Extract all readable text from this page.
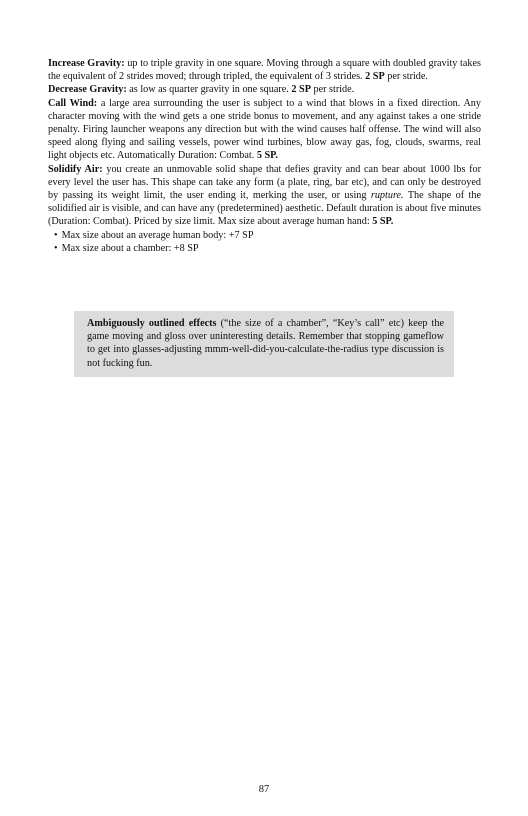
Increase Gravity: up to triple gravity in one square. Moving through a square with doubled gravity takes the equivalent of 2 strides moved; through tripled, the equivalent of 3 strides. 2 SP per stride.

Decrease Gravity: as low as quarter gravity in one square. 2 SP per stride.

Call Wind: a large area surrounding the user is subject to a wind that blows in a fixed direction. Any character moving with the wind gets a one stride bonus to movement, and any against takes a one stride penalty. Firing launcher weapons any direction but with the wind causes half offense. The wind will also speed along flying and sailing vessels, power wind turbines, blow away gas, fog, clouds, swarms, real light objects etc. Automatically Duration: Combat. 5 SP.

Solidify Air: you create an unmovable solid shape that defies gravity and can bear about 1000 lbs for every level the user has. This shape can take any form (a plate, ring, bar etc), and can only be destroyed by passing its weight limit, the user ending it, merking the user, or using rupture. The shape of the solidified air is visible, and can have any (predetermined) aesthetic. Default duration is about five minutes (Duration: Combat). Priced by size limit. Max size about average human hand: 5 SP.

• Max size about an average human body: +7 SP
• Max size about a chamber: +8 SP
Ambiguously outlined effects (“the size of a chamber”, “Key’s call” etc) keep the game moving and gloss over uninteresting details. Remember that stopping gameflow to get into glasses-adjusting mmm-well-did-you-calculate-the-radius type discussion is not fucking fun.
87
